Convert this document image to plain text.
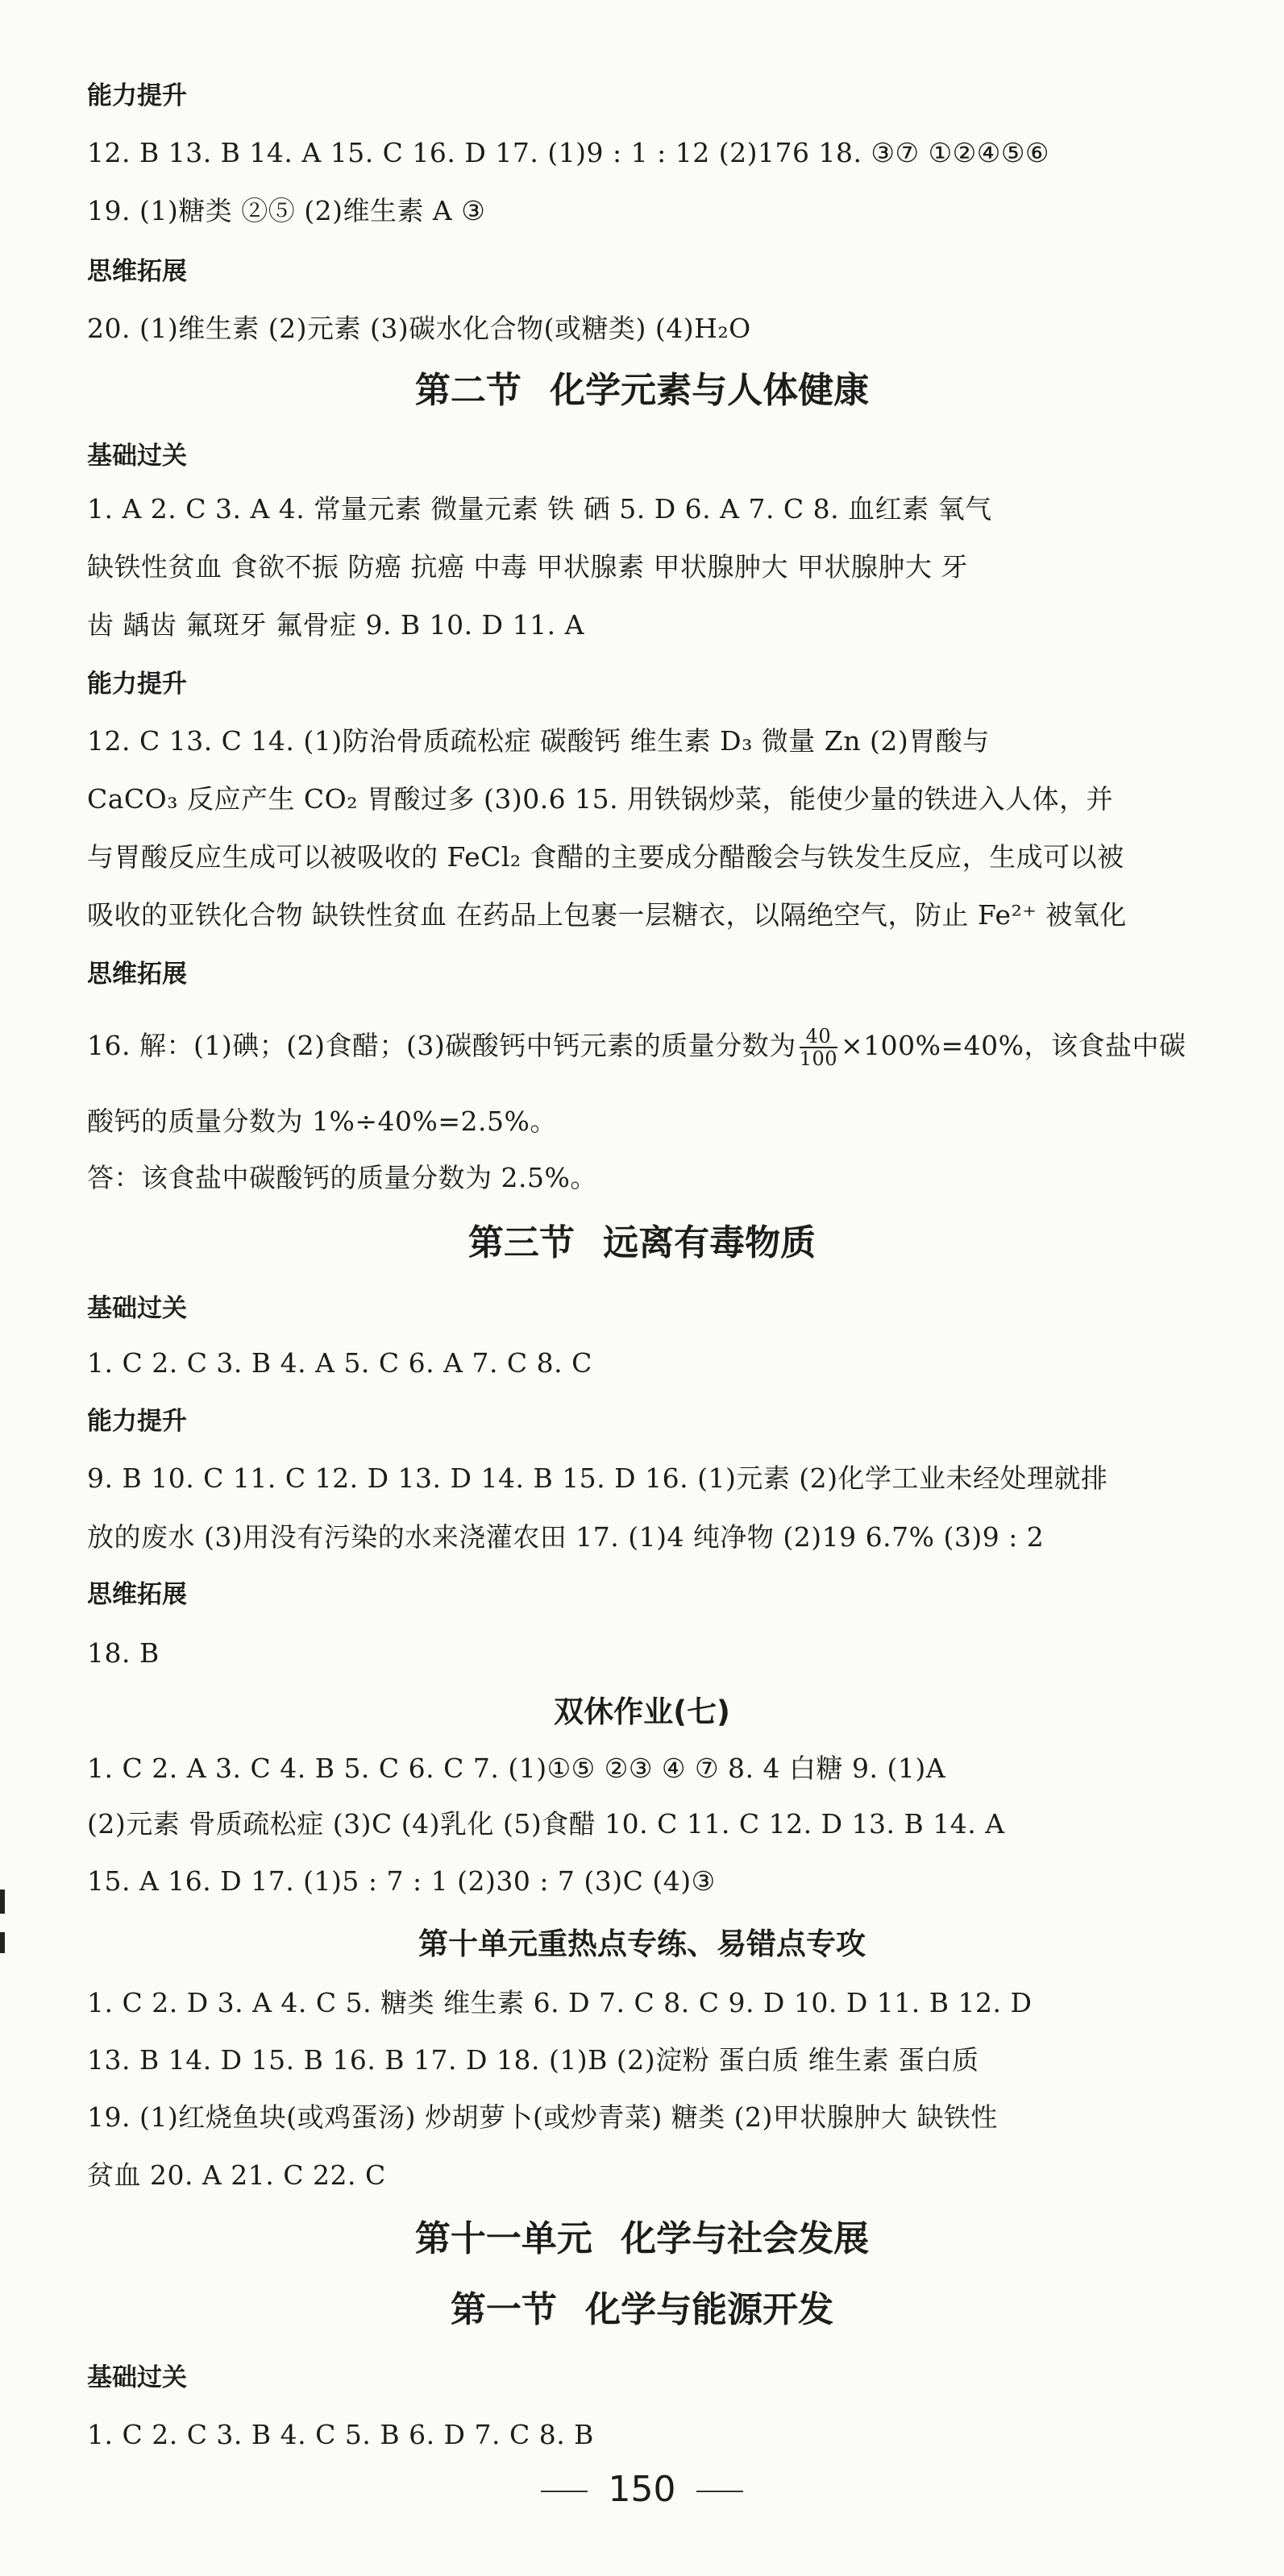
能力提升
12. B 13. B 14. A 15. C 16. D 17. (1)9 : 1 : 12 (2)176 18. ③⑦ ①②④⑤⑥
19. (1)糖类 ②⑤ (2)维生素 A ③
思维拓展
20. (1)维生素 (2)元素 (3)碳水化合物(或糖类) (4)H₂O
第二节 化学元素与人体健康
基础过关
1. A 2. C 3. A 4. 常量元素 微量元素 铁 硒 5. D 6. A 7. C 8. 血红素 氧气
缺铁性贫血 食欲不振 防癌 抗癌 中毒 甲状腺素 甲状腺肿大 甲状腺肿大 牙
齿 龋齿 氟斑牙 氟骨症 9. B 10. D 11. A
能力提升
12. C 13. C 14. (1)防治骨质疏松症 碳酸钙 维生素 D₃ 微量 Zn (2)胃酸与
CaCO₃ 反应产生 CO₂ 胃酸过多 (3)0.6 15. 用铁锅炒菜，能使少量的铁进入人体，并
与胃酸反应生成可以被吸收的 FeCl₂ 食醋的主要成分醋酸会与铁发生反应，生成可以被
吸收的亚铁化合物 缺铁性贫血 在药品上包裹一层糖衣，以隔绝空气，防止 Fe²⁺ 被氧化
思维拓展
16. 解：(1)碘；(2)食醋；(3)碳酸钙中钙元素的质量分数为 $\frac{40}{100} \times 100\%=40\%$，该食盐中碳
酸钙的质量分数为 1%÷40%=2.5%。
答：该食盐中碳酸钙的质量分数为 2.5%。
第三节 远离有毒物质
基础过关
1. C 2. C 3. B 4. A 5. C 6. A 7. C 8. C
能力提升
9. B 10. C 11. C 12. D 13. D 14. B 15. D 16. (1)元素 (2)化学工业未经处理就排
放的废水 (3)用没有污染的水来浇灌农田 17. (1)4 纯净物 (2)19 6.7% (3)9 : 2
思维拓展
18. B
双休作业(七)
1. C 2. A 3. C 4. B 5. C 6. C 7. (1)①⑤ ②③ ④ ⑦ 8. 4 白糖 9. (1)A
(2)元素 骨质疏松症 (3)C (4)乳化 (5)食醋 10. C 11. C 12. D 13. B 14. A
15. A 16. D 17. (1)5 : 7 : 1 (2)30 : 7 (3)C (4)③
第十单元重热点专练、易错点专攻
1. C 2. D 3. A 4. C 5. 糖类 维生素 6. D 7. C 8. C 9. D 10. D 11. B 12. D
13. B 14. D 15. B 16. B 17. D 18. (1)B (2)淀粉 蛋白质 维生素 蛋白质
19. (1)红烧鱼块(或鸡蛋汤) 炒胡萝卜(或炒青菜) 糖类 (2)甲状腺肿大 缺铁性
贫血 20. A 21. C 22. C
第十一单元 化学与社会发展
第一节 化学与能源开发
基础过关
1. C 2. C 3. B 4. C 5. B 6. D 7. C 8. B
150
